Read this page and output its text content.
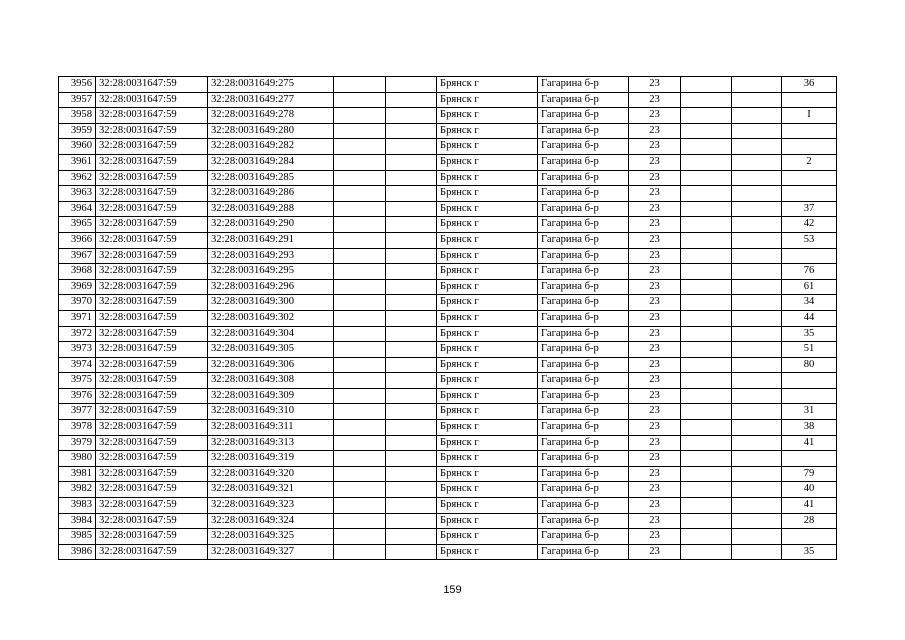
3956	32:28:0031647:59	32:28:0031649:275			Брянск г	Гагарина б-р	23			36
3957	32:28:0031647:59	32:28:0031649:277			Брянск г	Гагарина б-р	23			
3958	32:28:0031647:59	32:28:0031649:278			Брянск г	Гагарина б-р	23			I
3959	32:28:0031647:59	32:28:0031649:280			Брянск г	Гагарина б-р	23			
3960	32:28:0031647:59	32:28:0031649:282			Брянск г	Гагарина б-р	23			
3961	32:28:0031647:59	32:28:0031649:284			Брянск г	Гагарина б-р	23			2
3962	32:28:0031647:59	32:28:0031649:285			Брянск г	Гагарина б-р	23			
3963	32:28:0031647:59	32:28:0031649:286			Брянск г	Гагарина б-р	23			
3964	32:28:0031647:59	32:28:0031649:288			Брянск г	Гагарина б-р	23			37
3965	32:28:0031647:59	32:28:0031649:290			Брянск г	Гагарина б-р	23			42
3966	32:28:0031647:59	32:28:0031649:291			Брянск г	Гагарина б-р	23			53
3967	32:28:0031647:59	32:28:0031649:293			Брянск г	Гагарина б-р	23			
3968	32:28:0031647:59	32:28:0031649:295			Брянск г	Гагарина б-р	23			76
3969	32:28:0031647:59	32:28:0031649:296			Брянск г	Гагарина б-р	23			61
3970	32:28:0031647:59	32:28:0031649:300			Брянск г	Гагарина б-р	23			34
3971	32:28:0031647:59	32:28:0031649:302			Брянск г	Гагарина б-р	23			44
3972	32:28:0031647:59	32:28:0031649:304			Брянск г	Гагарина б-р	23			35
3973	32:28:0031647:59	32:28:0031649:305			Брянск г	Гагарина б-р	23			51
3974	32:28:0031647:59	32:28:0031649:306			Брянск г	Гагарина б-р	23			80
3975	32:28:0031647:59	32:28:0031649:308			Брянск г	Гагарина б-р	23			
3976	32:28:0031647:59	32:28:0031649:309			Брянск г	Гагарина б-р	23			
3977	32:28:0031647:59	32:28:0031649:310			Брянск г	Гагарина б-р	23			31
3978	32:28:0031647:59	32:28:0031649:311			Брянск г	Гагарина б-р	23			38
3979	32:28:0031647:59	32:28:0031649:313			Брянск г	Гагарина б-р	23			41
3980	32:28:0031647:59	32:28:0031649:319			Брянск г	Гагарина б-р	23			
3981	32:28:0031647:59	32:28:0031649:320			Брянск г	Гагарина б-р	23			79
3982	32:28:0031647:59	32:28:0031649:321			Брянск г	Гагарина б-р	23			40
3983	32:28:0031647:59	32:28:0031649:323			Брянск г	Гагарина б-р	23			41
3984	32:28:0031647:59	32:28:0031649:324			Брянск г	Гагарина б-р	23			28
3985	32:28:0031647:59	32:28:0031649:325			Брянск г	Гагарина б-р	23			
3986	32:28:0031647:59	32:28:0031649:327			Брянск г	Гагарина б-р	23			35
159
